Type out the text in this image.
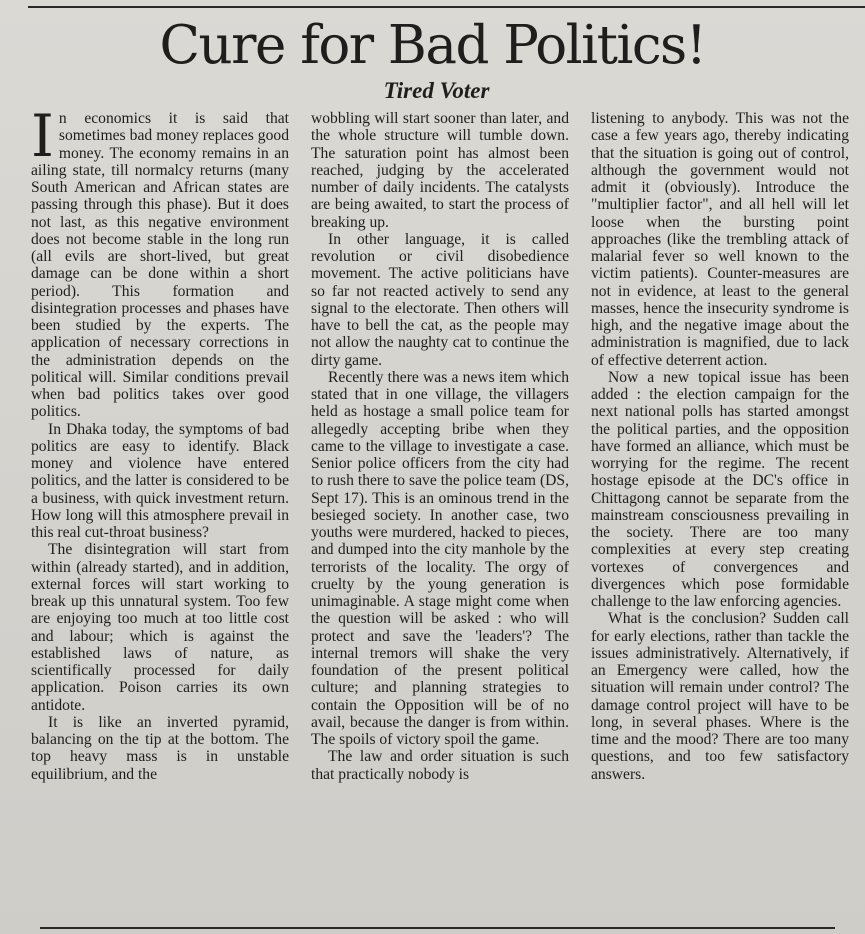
Cure for Bad Politics!
Tired Voter

In economics it is said that sometimes bad money replaces good money. The economy remains in an ailing state, till normalcy returns (many South American and African states are passing through this phase). But it does not last, as this negative environment does not become stable in the long run (all evils are short-lived, but great damage can be done within a short period). This formation and disintegration processes and phases have been studied by the experts. The application of necessary corrections in the administration depends on the political will. Similar conditions prevail when bad politics takes over good politics.

In Dhaka today, the symptoms of bad politics are easy to identify. Black money and violence have entered politics, and the latter is considered to be a business, with quick investment return. How long will this atmosphere prevail in this real cut-throat business?

The disintegration will start from within (already started), and in addition, external forces will start working to break up this unnatural system. Too few are enjoying too much at too little cost and labour; which is against the established laws of nature, as scientifically processed for daily application. Poison carries its own antidote.

It is like an inverted pyramid, balancing on the tip at the bottom. The top heavy mass is in unstable equilibrium, and the

wobbling will start sooner than later, and the whole structure will tumble down. The saturation point has almost been reached, judging by the accelerated number of daily incidents. The catalysts are being awaited, to start the process of breaking up.

In other language, it is called revolution or civil disobedience movement. The active politicians have so far not reacted actively to send any signal to the electorate. Then others will have to bell the cat, as the people may not allow the naughty cat to continue the dirty game.

Recently there was a news item which stated that in one village, the villagers held as hostage a small police team for allegedly accepting bribe when they came to the village to investigate a case. Senior police officers from the city had to rush there to save the police team (DS, Sept 17). This is an ominous trend in the besieged society. In another case, two youths were murdered, hacked to pieces, and dumped into the city manhole by the terrorists of the locality. The orgy of cruelty by the young generation is unimaginable. A stage might come when the question will be asked : who will protect and save the 'leaders'? The internal tremors will shake the very foundation of the present political culture; and planning strategies to contain the Opposition will be of no avail, because the danger is from within. The spoils of victory spoil the game.

The law and order situation is such that practically nobody is

listening to anybody. This was not the case a few years ago, thereby indicating that the situation is going out of control, although the government would not admit it (obviously). Introduce the "multiplier factor", and all hell will let loose when the bursting point approaches (like the trembling attack of malarial fever so well known to the victim patients). Counter-measures are not in evidence, at least to the general masses, hence the insecurity syndrome is high, and the negative image about the administration is magnified, due to lack of effective deterrent action.

Now a new topical issue has been added : the election campaign for the next national polls has started amongst the political parties, and the opposition have formed an alliance, which must be worrying for the regime. The recent hostage episode at the DC's office in Chittagong cannot be separate from the mainstream consciousness prevailing in the society. There are too many complexities at every step creating vortexes of convergences and divergences which pose formidable challenge to the law enforcing agencies.

What is the conclusion? Sudden call for early elections, rather than tackle the issues administratively. Alternatively, if an Emergency were called, how the situation will remain under control? The damage control project will have to be long, in several phases. Where is the time and the mood? There are too many questions, and too few satisfactory answers.
